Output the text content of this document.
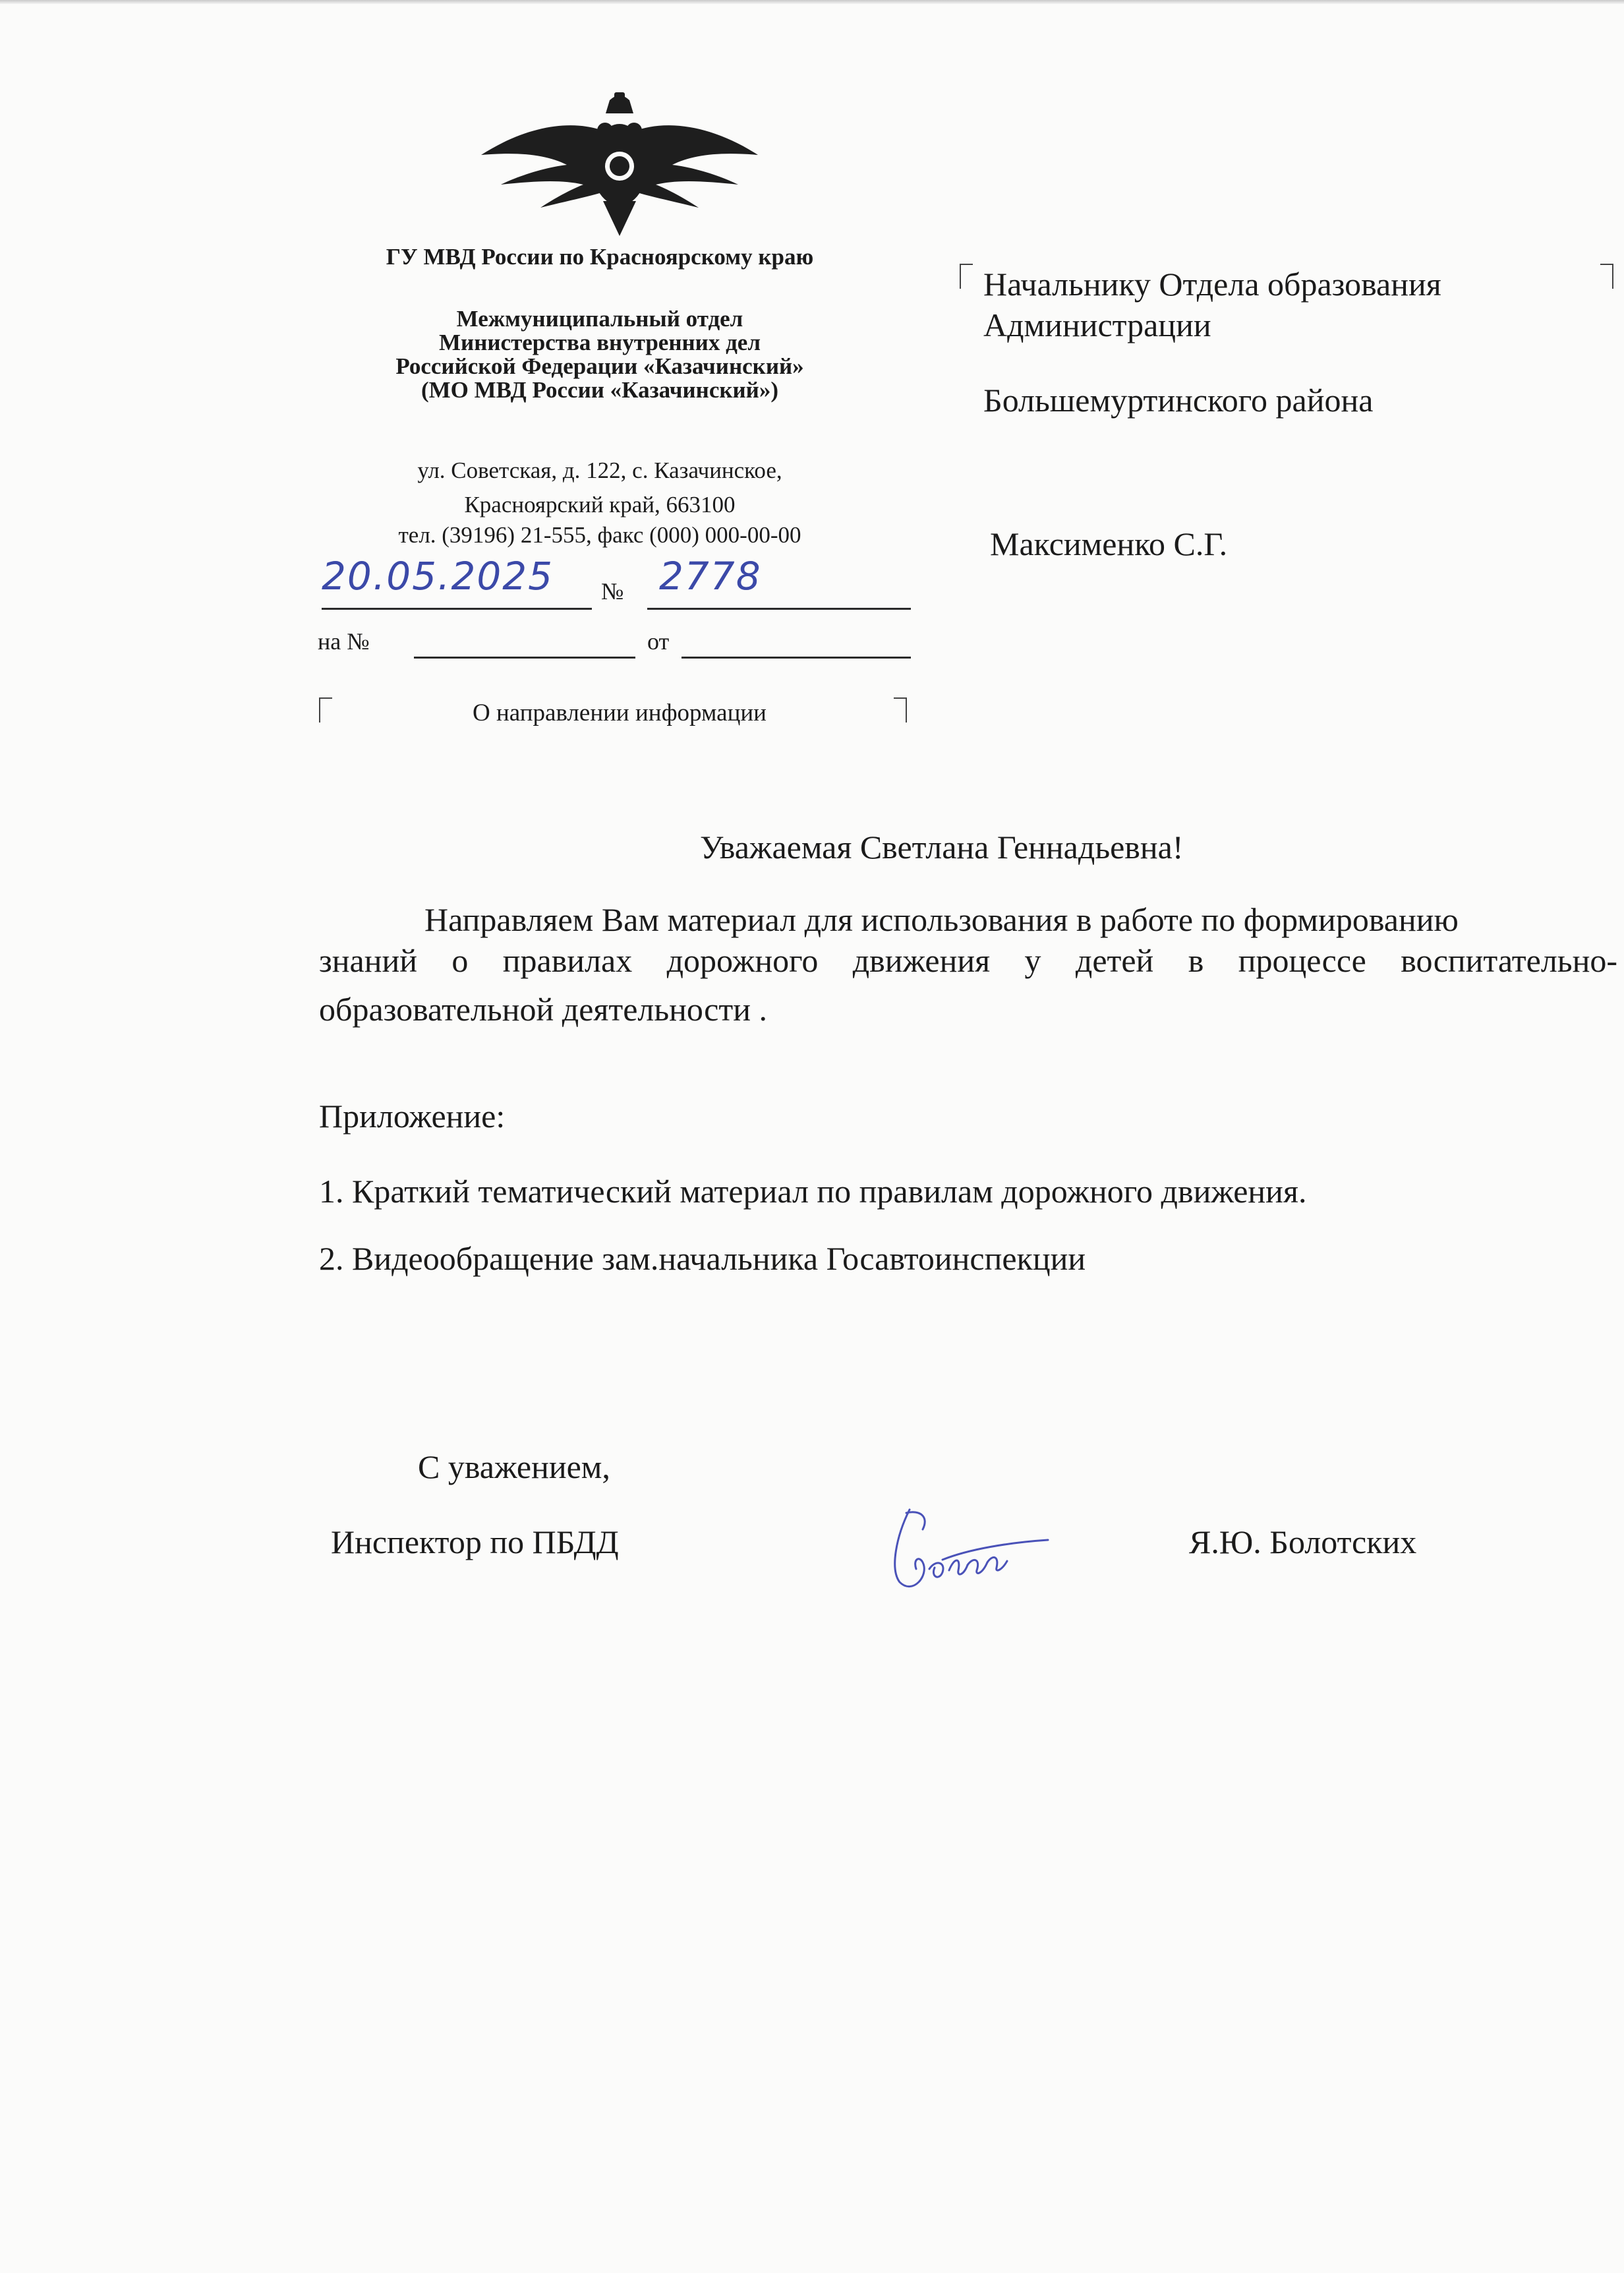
ГУ МВД России по Красноярскому краю
Межмуниципальный отдел
Министерства внутренних дел
Российской Федерации «Казачинский»
(МО МВД России «Казачинский»)
ул. Советская, д. 122, с. Казачинское,
Красноярский край, 663100
тел. (39196) 21-555, факс (000) 000-00-00
20.05.2025 № 2778
на №	от
О направлении информации
Начальнику Отдела образования
Администрации
Большемуртинского района
Максименко С.Г.
Уважаемая Светлана Геннадьевна!
Направляем Вам материал для использования в работе по формированию
знаний о правилах дорожного движения у детей в процессе воспитательно-
образовательной деятельности .
Приложение:
1. Краткий тематический материал по правилам дорожного движения.
2. Видеообращение зам.начальника Госавтоинспекции
С уважением,
Инспектор по ПБДД	Я.Ю. Болотских
